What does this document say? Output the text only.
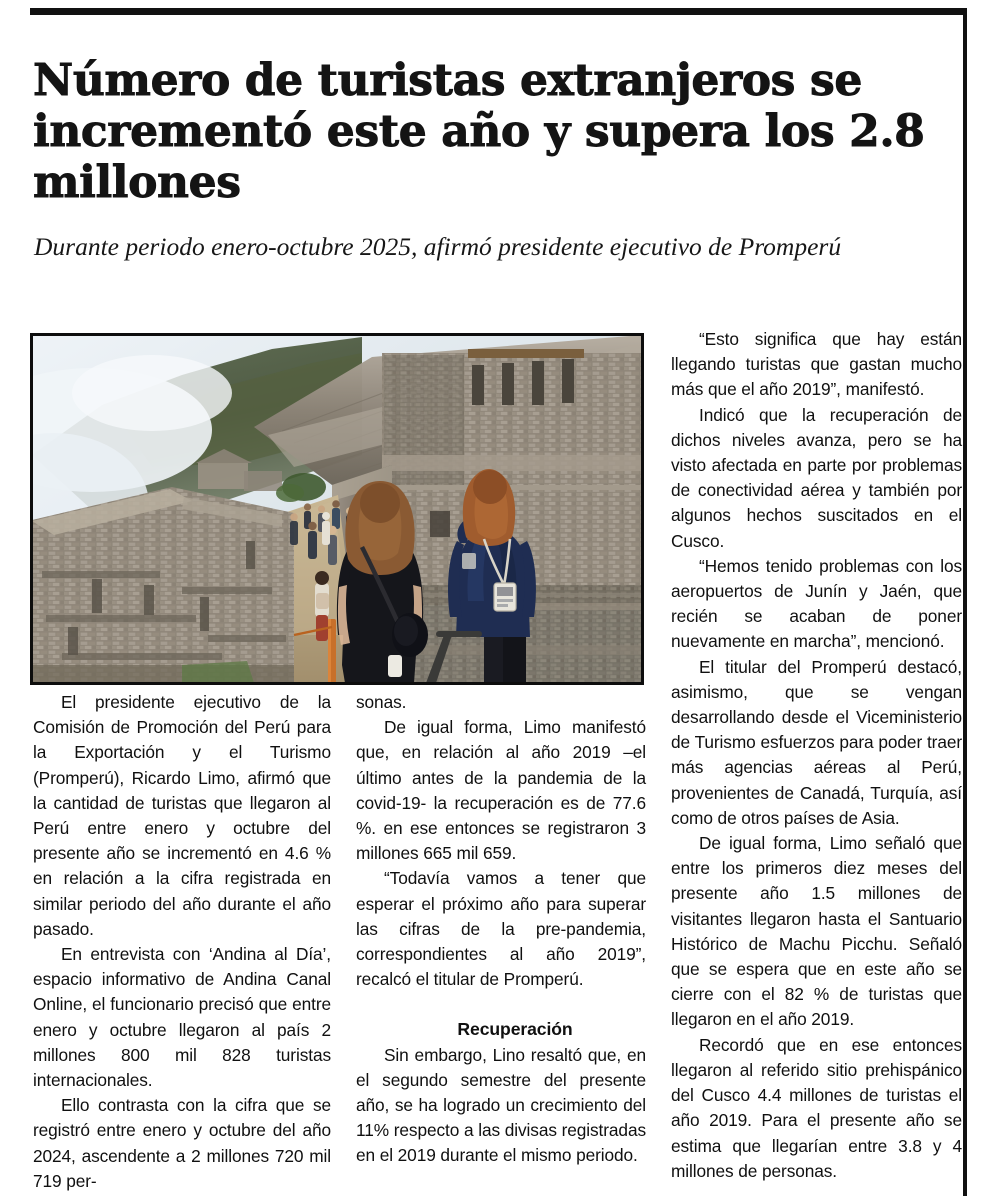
Número de turistas extranjeros se incrementó este año y supera los 2.8 millones
Durante periodo enero-octubre 2025, afirmó presidente ejecutivo de Promperú

El presidente ejecutivo de la Comisión de Promoción del Perú para la Exportación y el Turismo (Promperú), Ricardo Limo, afirmó que la cantidad de turistas que llegaron al Perú entre enero y octubre del presente año se incrementó en 4.6 % en relación a la cifra registrada en similar periodo del año durante el año pasado.

En entrevista con ‘Andina al Día’, espacio informativo de Andina Canal Online, el funcionario precisó que entre enero y octubre llegaron al país 2 millones 800 mil 828 turistas internacionales.

Ello contrasta con la cifra que se registró entre enero y octubre del año 2024, ascendente a 2 millones 720 mil 719 per-

sonas.

De igual forma, Limo manifestó que, en relación al año 2019 –el último antes de la pandemia de la covid-19- la recuperación es de 77.6 %. en ese entonces se registraron 3 millones 665 mil 659.

“Todavía vamos a tener que esperar el próximo año para superar las cifras de la pre-pandemia, correspondientes al año 2019”, recalcó el titular de Promperú.

Recuperación

Sin embargo, Lino resaltó que, en el segundo semestre del presente año, se ha logrado un crecimiento del 11% respecto a las divisas registradas en el 2019 durante el mismo periodo.

“Esto significa que hay están llegando turistas que gastan mucho más que el año 2019”, manifestó.

Indicó que la recuperación de dichos niveles avanza, pero se ha visto afectada en parte por problemas de conectividad aérea y también por algunos hechos suscitados en el Cusco.

“Hemos tenido problemas con los aeropuertos de Junín y Jaén, que recién se acaban de poner nuevamente en marcha”, mencionó.

El titular del Promperú destacó, asimismo, que se vengan desarrollando desde el Viceministerio de Turismo esfuerzos para poder traer más agencias aéreas al Perú, provenientes de Canadá, Turquía, así como de otros países de Asia.

De igual forma, Limo señaló que entre los primeros diez meses del presente año 1.5 millones de visitantes llegaron hasta el Santuario Histórico de Machu Picchu. Señaló que se espera que en este año se cierre con el 82 % de turistas que llegaron en el año 2019.

Recordó que en ese entonces llegaron al referido sitio prehispánico del Cusco 4.4 millones de turistas el año 2019. Para el presente año se estima que llegarían entre 3.8 y 4 millones de personas.
